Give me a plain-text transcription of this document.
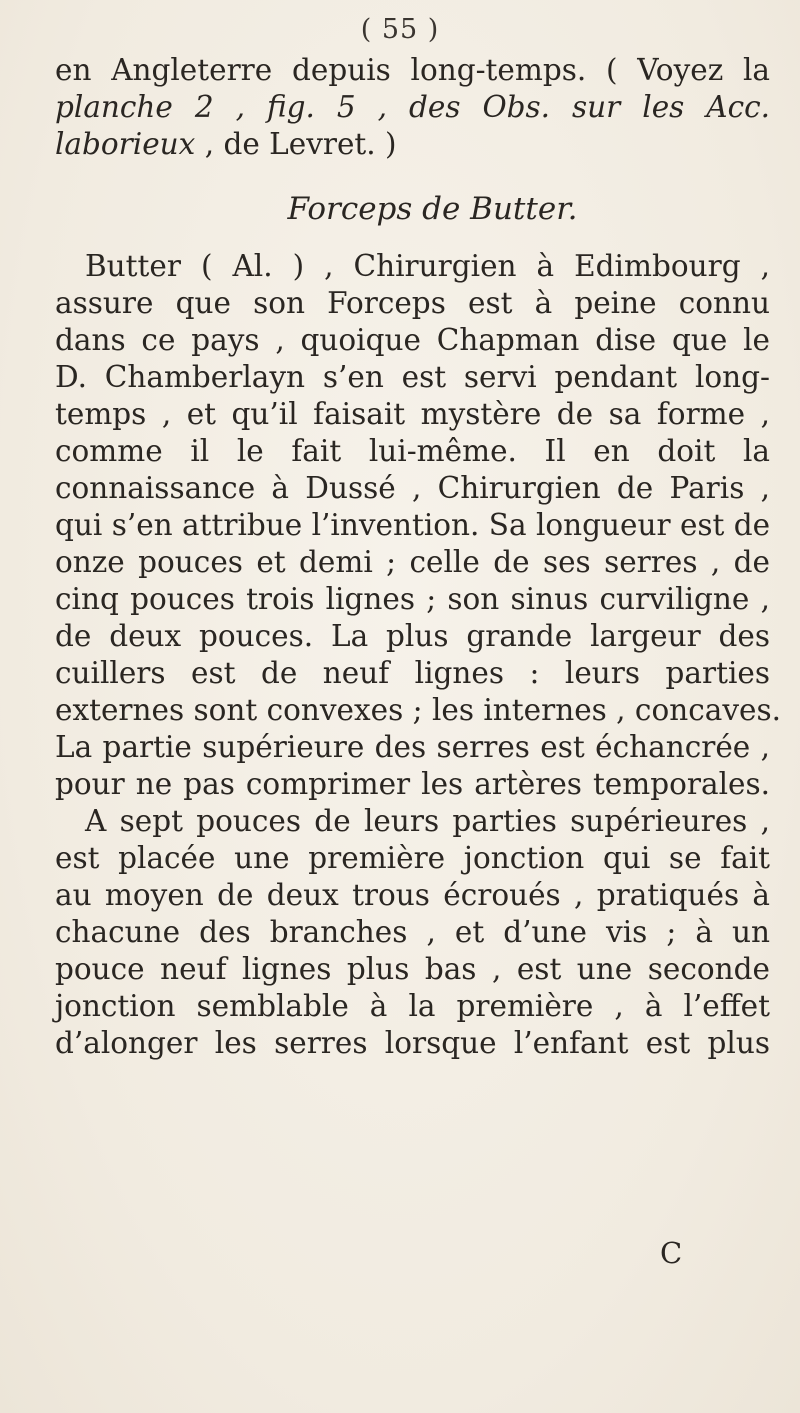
( 55 )
en Angleterre depuis long-temps. ( Voyez la
planche 2 , fig. 5 , des Obs. sur les Acc.
laborieux , de Levret. )
Forceps de Butter.
Butter ( Al. ) , Chirurgien à Edimbourg ,
assure que son Forceps est à peine connu
dans ce pays , quoique Chapman dise que le
D. Chamberlayn s’en est servi pendant long-
temps , et qu’il faisait mystère de sa forme ,
comme il le fait lui-même. Il en doit la
connaissance à Dussé , Chirurgien de Paris ,
qui s’en attribue l’invention. Sa longueur est de
onze pouces et demi ; celle de ses serres , de
cinq pouces trois lignes ; son sinus curviligne ,
de deux pouces. La plus grande largeur des
cuillers est de neuf lignes : leurs parties
externes sont convexes ; les internes , concaves.
La partie supérieure des serres est échancrée ,
pour ne pas comprimer les artères temporales.
A sept pouces de leurs parties supérieures ,
est placée une première jonction qui se fait
au moyen de deux trous écroués , pratiqués à
chacune des branches , et d’une vis ; à un
pouce neuf lignes plus bas , est une seconde
jonction semblable à la première , à l’effet
d’alonger les serres lorsque l’enfant est plus
C
